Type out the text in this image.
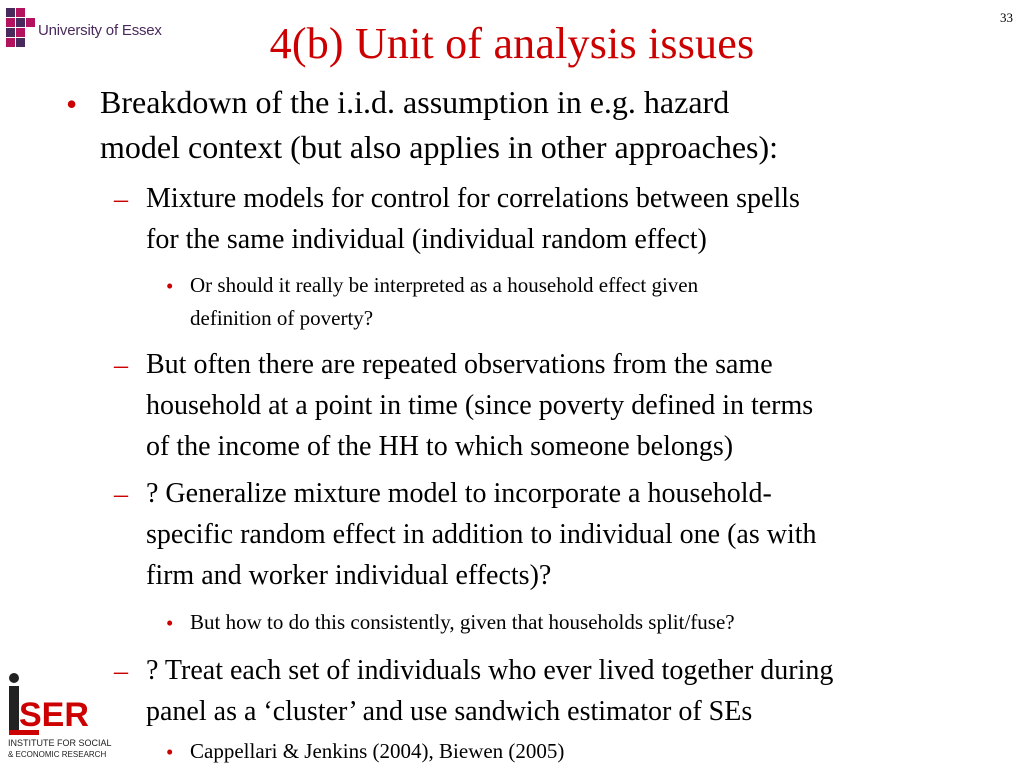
University of Essex
33
4(b) Unit of analysis issues
• Breakdown of the i.i.d. assumption in e.g. hazard
model context (but also applies in other approaches):
– Mixture models for control for correlations between spells
for the same individual (individual random effect)
• Or should it really be interpreted as a household effect given
definition of poverty?
– But often there are repeated observations from the same
household at a point in time (since poverty defined in terms
of the income of the HH to which someone belongs)
– ? Generalize mixture model to incorporate a household-
specific random effect in addition to individual one (as with
firm and worker individual effects)?
• But how to do this consistently, given that households split/fuse?
– ? Treat each set of individuals who ever lived together during
panel as a ‘cluster’ and use sandwich estimator of SEs
• Cappellari & Jenkins (2004), Biewen (2005)
SER
INSTITUTE FOR SOCIAL
& ECONOMIC RESEARCH
